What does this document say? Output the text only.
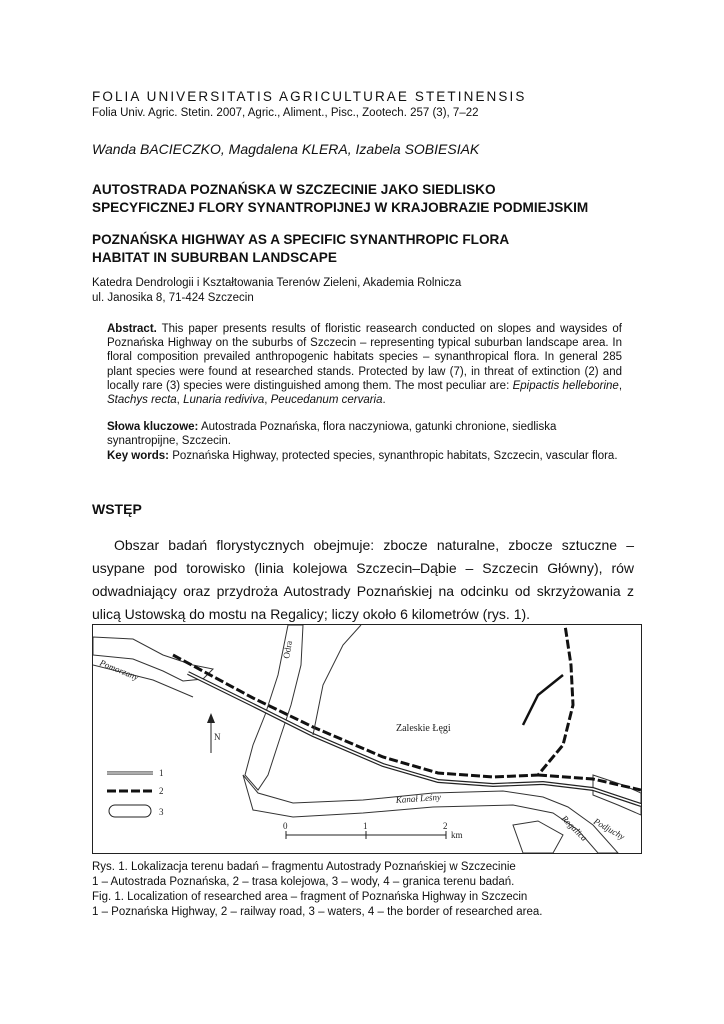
FOLIA UNIVERSITATIS AGRICULTURAE STETINENSIS
Folia Univ. Agric. Stetin. 2007, Agric., Aliment., Pisc., Zootech. 257 (3), 7–22
Wanda BACIECZKO, Magdalena KLERA, Izabela SOBIESIAK
AUTOSTRADA POZNAŃSKA W SZCZECINIE JAKO SIEDLISKO
SPECYFICZNEJ FLORY SYNANTROPIJNEJ W KRAJOBRAZIE PODMIEJSKIM
POZNAŃSKA HIGHWAY AS A SPECIFIC SYNANTHROPIC FLORA
HABITAT IN SUBURBAN LANDSCAPE
Katedra Dendrologii i Kształtowania Terenów Zieleni, Akademia Rolnicza
ul. Janosika 8, 71-424 Szczecin
Abstract. This paper presents results of floristic reasearch conducted on slopes and waysides of Poznańska Highway on the suburbs of Szczecin – representing typical suburban landscape area. In floral composition prevailed anthropogenic habitats species – synanthropical flora. In general 285 plant species were found at researched stands. Protected by law (7), in threat of extinction (2) and locally rare (3) species were distinguished among them. The most peculiar are: Epipactis helleborine, Stachys recta, Lunaria rediviva, Peucedanum cervaria.
Słowa kluczowe: Autostrada Poznańska, flora naczyniowa, gatunki chronione, siedliska synantropijne, Szczecin.
Key words: Poznańska Highway, protected species, synanthropic habitats, Szczecin, vascular flora.
WSTĘP
Obszar badań florystycznych obejmuje: zbocze naturalne, zbocze sztuczne – usypane pod torowisko (linia kolejowa Szczecin–Dąbie – Szczecin Główny), rów odwadniający oraz przydroża Autostrady Poznańskiej na odcinku od skrzyżowania z ulicą Ustowską do mostu na Regalicy; liczy około 6 kilometrów (rys. 1).
N
Pomorzany
Odra
Zaleskie Łęgi
Kanał Leśny
Regalica Podjuchy
1
2
3
0	1	2
km
Rys. 1. Lokalizacja terenu badań – fragmentu Autostrady Poznańskiej w Szczecinie
1 – Autostrada Poznańska, 2 – trasa kolejowa, 3 – wody, 4 – granica terenu badań.
Fig. 1. Localization of researched area – fragment of Poznańska Highway in Szczecin
1 – Poznańska Highway, 2 – railway road, 3 – waters, 4 – the border of researched area.
